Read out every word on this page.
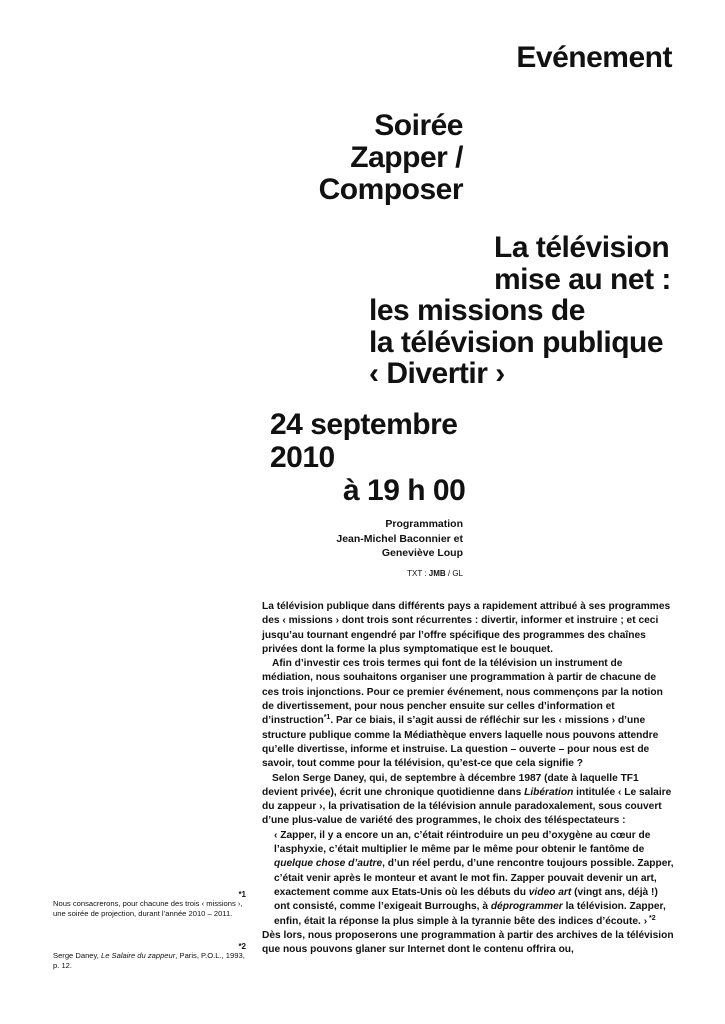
Evénement
Soirée
Zapper /
Composer
La télévision
mise au net :
les missions de
la télévision publique
‹ Divertir ›
24 septembre
2010
à 19 h 00
Programmation
Jean-Michel Baconnier et
Geneviève Loup
TXT : JMB / GL

La télévision publique dans différents pays a rapidement attribué à ses programmes des ‹ missions › dont trois sont récurrentes : divertir, informer et instruire ; et ceci jusqu’au tournant engendré par l’offre spécifique des programmes des chaînes privées dont la forme la plus symptomatique est le bouquet.

Afin d’investir ces trois termes qui font de la télévision un instrument de médiation, nous souhaitons organiser une programmation à partir de chacune de ces trois injonctions. Pour ce premier événement, nous commençons par la notion de divertissement, pour nous pencher ensuite sur celles d’information et d’instruction$^{*1}$. Par ce biais, il s’agit aussi de réfléchir sur les ‹ missions › d’une structure publique comme la Médiathèque envers laquelle nous pouvons attendre qu’elle divertisse, informe et instruise. La question – ouverte – pour nous est de savoir, tout comme pour la télévision, qu’est-ce que cela signifie ?

Selon Serge Daney, qui, de septembre à décembre 1987 (date à laquelle TF1 devient privée), écrit une chronique quotidienne dans Libération intitulée ‹ Le salaire du zappeur ›, la privatisation de la télévision annule paradoxalement, sous couvert d’une plus-value de variété des programmes, le choix des téléspectateurs :

‹ Zapper, il y a encore un an, c’était réintroduire un peu d’oxygène au cœur de l’asphyxie, c’était multiplier le même par le même pour obtenir le fantôme de quelque chose d’autre, d’un réel perdu, d’une rencontre toujours possible. Zapper, c’était venir après le monteur et avant le mot fin. Zapper pouvait devenir un art, exactement comme aux Etats-Unis où les débuts du video art (vingt ans, déjà !) ont consisté, comme l’exigeait Burroughs, à déprogrammer la télévision. Zapper, enfin, était la réponse la plus simple à la tyrannie bête des indices d’écoute. › $^{*2}$

Dès lors, nous proposerons une programmation à partir des archives de la télévision que nous pouvons glaner sur Internet dont le contenu offrira ou,

*1
Nous consacrerons, pour chacune des trois ‹ missions ›, une soirée de projection, durant l’année 2010 – 2011.
*2
Serge Daney, Le Salaire du zappeur, Paris, P.O.L., 1993, p. 12.
